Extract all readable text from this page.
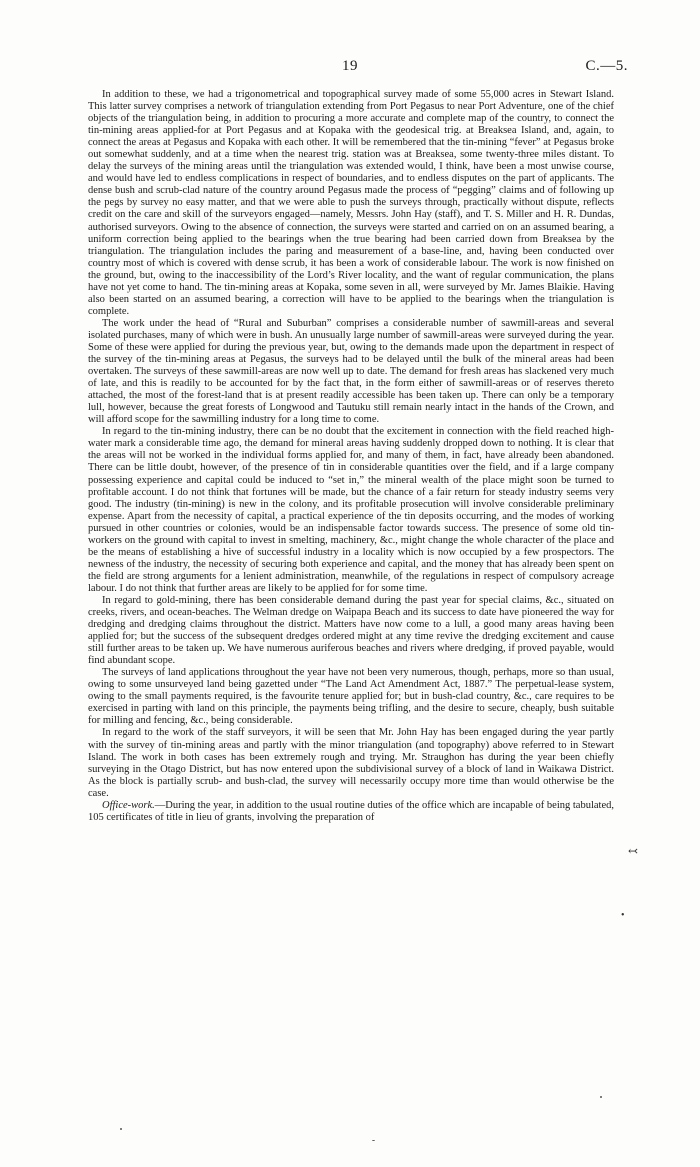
19	C.—5.

In addition to these, we had a trigonometrical and topographical survey made of some 55,000 acres in Stewart Island. This latter survey comprises a network of triangulation extending from Port Pegasus to near Port Adventure, one of the chief objects of the triangulation being, in addition to procuring a more accurate and complete map of the country, to connect the tin-mining areas applied-for at Port Pegasus and at Kopaka with the geodesical trig. at Breaksea Island, and, again, to connect the areas at Pegasus and Kopaka with each other. It will be remembered that the tin-mining “fever” at Pegasus broke out somewhat suddenly, and at a time when the nearest trig. station was at Breaksea, some twenty-three miles distant. To delay the surveys of the mining areas until the triangulation was extended would, I think, have been a most unwise course, and would have led to endless complications in respect of boundaries, and to endless disputes on the part of applicants. The dense bush and scrub-clad nature of the country around Pegasus made the process of “pegging” claims and of following up the pegs by survey no easy matter, and that we were able to push the surveys through, practically without dispute, reflects credit on the care and skill of the surveyors engaged—namely, Messrs. John Hay (staff), and T. S. Miller and H. R. Dundas, authorised surveyors. Owing to the absence of connection, the surveys were started and carried on on an assumed bearing, a uniform correction being applied to the bearings when the true bearing had been carried down from Breaksea by the triangulation. The triangulation includes the paring and measurement of a base-line, and, having been conducted over country most of which is covered with dense scrub, it has been a work of considerable labour. The work is now finished on the ground, but, owing to the inaccessibility of the Lord’s River locality, and the want of regular communication, the plans have not yet come to hand. The tin-mining areas at Kopaka, some seven in all, were surveyed by Mr. James Blaikie. Having also been started on an assumed bearing, a correction will have to be applied to the bearings when the triangulation is complete.

The work under the head of “Rural and Suburban” comprises a considerable number of sawmill-areas and several isolated purchases, many of which were in bush. An unusually large number of sawmill-areas were surveyed during the year. Some of these were applied for during the previous year, but, owing to the demands made upon the department in respect of the survey of the tin-mining areas at Pegasus, the surveys had to be delayed until the bulk of the mineral areas had been overtaken. The surveys of these sawmill-areas are now well up to date. The demand for fresh areas has slackened very much of late, and this is readily to be accounted for by the fact that, in the form either of sawmill-areas or of reserves thereto attached, the most of the forest-land that is at present readily accessible has been taken up. There can only be a temporary lull, however, because the great forests of Longwood and Tautuku still remain nearly intact in the hands of the Crown, and will afford scope for the sawmilling industry for a long time to come.

In regard to the tin-mining industry, there can be no doubt that the excitement in connection with the field reached high-water mark a considerable time ago, the demand for mineral areas having suddenly dropped down to nothing. It is clear that the areas will not be worked in the individual forms applied for, and many of them, in fact, have already been abandoned. There can be little doubt, however, of the presence of tin in considerable quantities over the field, and if a large company possessing experience and capital could be induced to “set in,” the mineral wealth of the place might soon be turned to profitable account. I do not think that fortunes will be made, but the chance of a fair return for steady industry seems very good. The industry (tin-mining) is new in the colony, and its profitable prosecution will involve considerable preliminary expense. Apart from the necessity of capital, a practical experience of the tin deposits occurring, and the modes of working pursued in other countries or colonies, would be an indispensable factor towards success. The presence of some old tin-workers on the ground with capital to invest in smelting, machinery, &c., might change the whole character of the place and be the means of establishing a hive of successful industry in a locality which is now occupied by a few prospectors. The newness of the industry, the necessity of securing both experience and capital, and the money that has already been spent on the field are strong arguments for a lenient administration, meanwhile, of the regulations in respect of compulsory acreage labour. I do not think that further areas are likely to be applied for for some time.

In regard to gold-mining, there has been considerable demand during the past year for special claims, &c., situated on creeks, rivers, and ocean-beaches. The Welman dredge on Waipapa Beach and its success to date have pioneered the way for dredging and dredging claims throughout the district. Matters have now come to a lull, a good many areas having been applied for; but the success of the subsequent dredges ordered might at any time revive the dredging excitement and cause still further areas to be taken up. We have numerous auriferous beaches and rivers where dredging, if proved payable, would find abundant scope.

The surveys of land applications throughout the year have not been very numerous, though, perhaps, more so than usual, owing to some unsurveyed land being gazetted under “The Land Act Amendment Act, 1887.” The perpetual-lease system, owing to the small payments required, is the favourite tenure applied for; but in bush-clad country, &c., care requires to be exercised in parting with land on this principle, the payments being trifling, and the desire to secure, cheaply, bush suitable for milling and fencing, &c., being considerable.

In regard to the work of the staff surveyors, it will be seen that Mr. John Hay has been engaged during the year partly with the survey of tin-mining areas and partly with the minor triangulation (and topography) above referred to in Stewart Island. The work in both cases has been extremely rough and trying. Mr. Straughon has during the year been chiefly surveying in the Otago District, but has now entered upon the subdivisional survey of a block of land in Waikawa District. As the block is partially scrub- and bush-clad, the survey will necessarily occupy more time than would otherwise be the case.

Office-work.—During the year, in addition to the usual routine duties of the office which are incapable of being tabulated, 105 certificates of title in lieu of grants, involving the preparation of

↢
•
